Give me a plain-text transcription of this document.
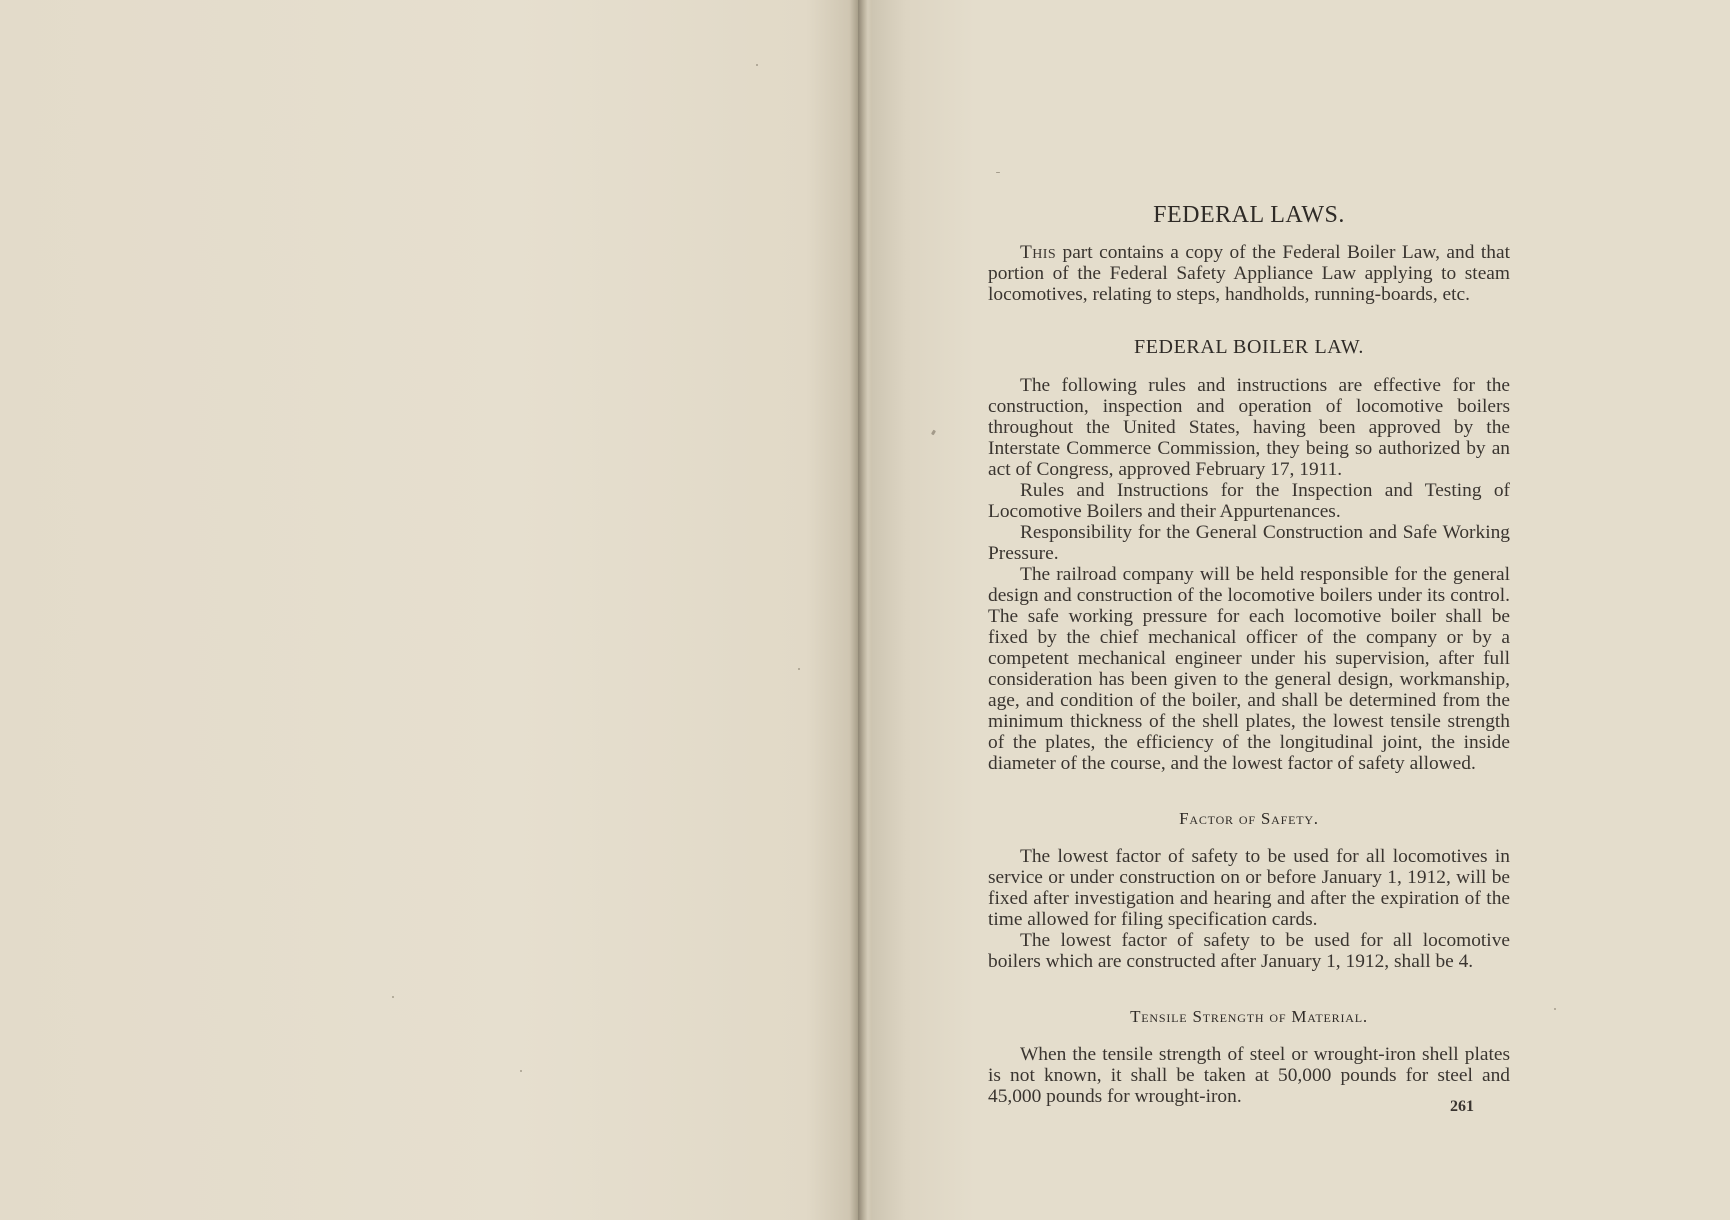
FEDERAL LAWS.

This part contains a copy of the Federal Boiler Law, and that portion of the Federal Safety Appliance Law applying to steam locomotives, relating to steps, handholds, running-boards, etc.

FEDERAL BOILER LAW.

The following rules and instructions are effective for the construction, inspection and operation of locomotive boilers throughout the United States, having been approved by the Interstate Commerce Commission, they being so authorized by an act of Congress, approved February 17, 1911.

Rules and Instructions for the Inspection and Testing of Locomotive Boilers and their Appurtenances.

Responsibility for the General Construction and Safe Working Pressure.

The railroad company will be held responsible for the general design and construction of the locomotive boilers under its control. The safe working pressure for each locomotive boiler shall be fixed by the chief mechanical officer of the company or by a competent mechanical engineer under his supervision, after full consideration has been given to the general design, workmanship, age, and condition of the boiler, and shall be determined from the minimum thickness of the shell plates, the lowest tensile strength of the plates, the efficiency of the longitudinal joint, the inside diameter of the course, and the lowest factor of safety allowed.

Factor of Safety.

The lowest factor of safety to be used for all locomotives in service or under construction on or before January 1, 1912, will be fixed after investigation and hearing and after the expiration of the time allowed for filing specification cards.

The lowest factor of safety to be used for all locomotive boilers which are constructed after January 1, 1912, shall be 4.

Tensile Strength of Material.

When the tensile strength of steel or wrought-iron shell plates is not known, it shall be taken at 50,000 pounds for steel and 45,000 pounds for wrought-iron.	261
